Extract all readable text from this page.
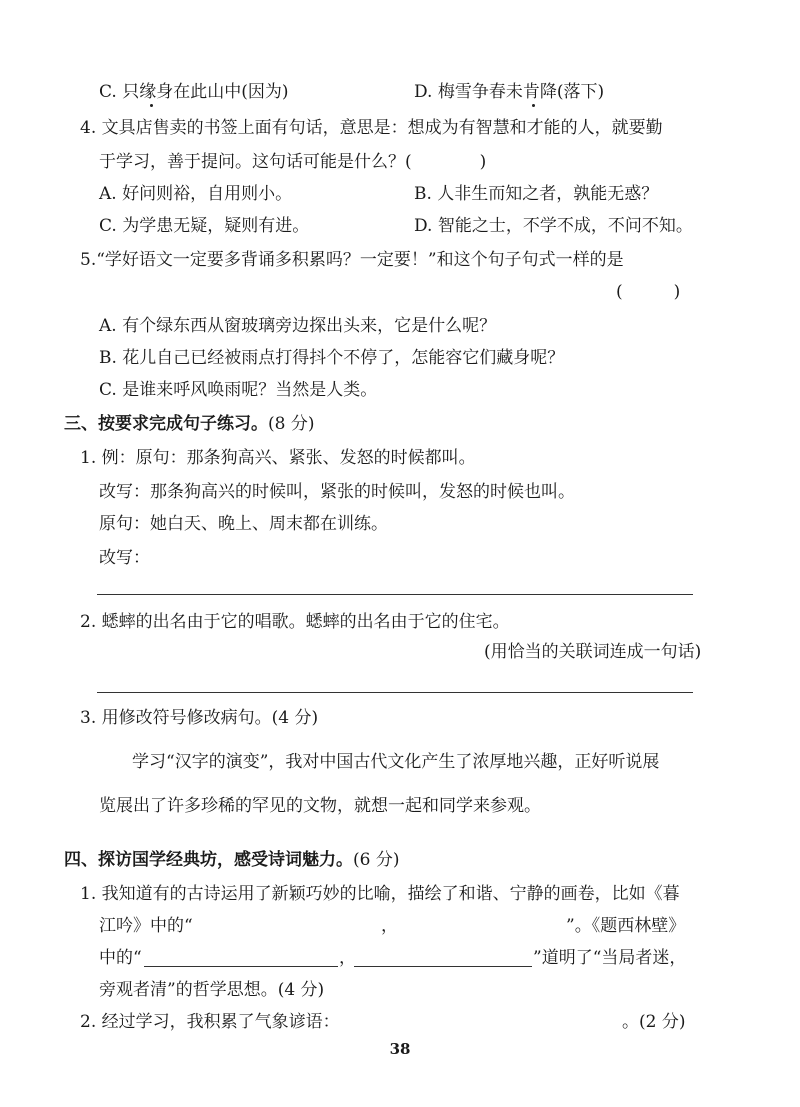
C. 只缘身在此山中(因为)	D. 梅雪争春未肯降(落下)
4. 文具店售卖的书签上面有句话，意思是：想成为有智慧和才能的人，就要勤
于学习，善于提问。这句话可能是什么？(　　　　)
A. 好问则裕，自用则小。	B. 人非生而知之者，孰能无惑？
C. 为学患无疑，疑则有进。	D. 智能之士，不学不成，不问不知。
5.“学好语文一定要多背诵多积累吗？一定要！”和这个句子句式一样的是
(　　　)
A. 有个绿东西从窗玻璃旁边探出头来，它是什么呢？
B. 花儿自己已经被雨点打得抖个不停了，怎能容它们藏身呢？
C. 是谁来呼风唤雨呢？当然是人类。
三、按要求完成句子练习。(8 分)
1. 例：原句：那条狗高兴、紧张、发怒的时候都叫。
改写：那条狗高兴的时候叫，紧张的时候叫，发怒的时候也叫。
原句：她白天、晚上、周末都在训练。
改写：
2. 蟋蟀的出名由于它的唱歌。蟋蟀的出名由于它的住宅。
(用恰当的关联词连成一句话)
3. 用修改符号修改病句。(4 分)
学习“汉字的演变”，我对中国古代文化产生了浓厚地兴趣，正好听说展
览展出了许多珍稀的罕见的文物，就想一起和同学来参观。
四、探访国学经典坊，感受诗词魅力。(6 分)
1. 我知道有的古诗运用了新颖巧妙的比喻，描绘了和谐、宁静的画卷，比如《暮
江吟》中的“	，	”。《题西林壁》
中的“	，	”道明了“当局者迷，
旁观者清”的哲学思想。(4 分)
2. 经过学习，我积累了气象谚语：	。(2 分)
38
